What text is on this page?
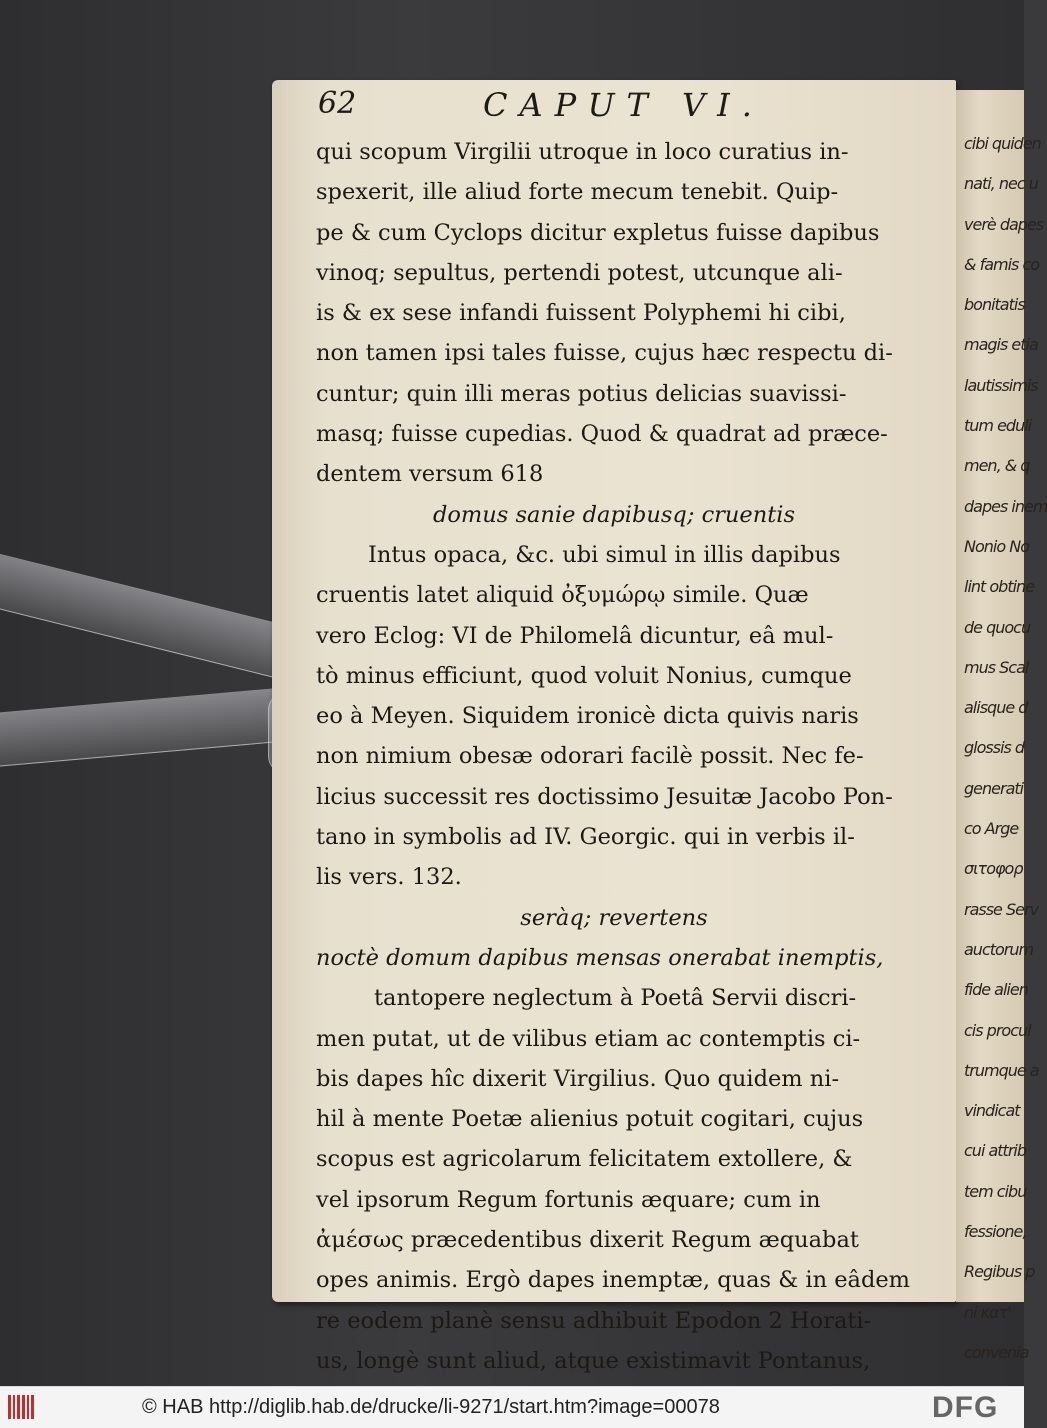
62	CAPUT VI.
qui scopum Virgilii utroque in loco curatius in-
spexerit, ille aliud forte mecum tenebit. Quip-
pe & cum Cyclops dicitur expletus fuisse dapibus
vinoq; sepultus, pertendi potest, utcunque ali-
is & ex sese infandi fuissent Polyphemi hi cibi,
non tamen ipsi tales fuisse, cujus hæc respectu di-
cuntur; quin illi meras potius delicias suavissi-
masq; fuisse cupedias. Quod & quadrat ad præce-
dentem versum 618
domus sanie dapibusq; cruentis
Intus opaca, &c. ubi simul in illis dapibus
cruentis latet aliquid ὀξυμώρῳ simile. Quæ
vero Eclog: VI de Philomelâ dicuntur, eâ mul-
tò minus efficiunt, quod voluit Nonius, cumque
eo à Meyen. Siquidem ironicè dicta quivis naris
non nimium obesæ odorari facilè possit. Nec fe-
licius successit res doctissimo Jesuitæ Jacobo Pon-
tano in symbolis ad IV. Georgic. qui in verbis il-
lis vers. 132.
seràq; revertens
noctè domum dapibus mensas onerabat inemptis,
tantopere neglectum à Poetâ Servii discri-
men putat, ut de vilibus etiam ac contemptis ci-
bis dapes hîc dixerit Virgilius. Quo quidem ni-
hil à mente Poetæ alienius potuit cogitari, cujus
scopus est agricolarum felicitatem extollere, &
vel ipsorum Regum fortunis æquare; cum in
ἀμέσως præcedentibus dixerit Regum æquabat
opes animis. Ergò dapes inemptæ, quas & in eâdem
re eodem planè sensu adhibuit Epodon 2 Horati-
us, longè sunt aliud, atque existimavit Pontanus,
cibi quiden
nati, nec u
verè dapes
& famis co
bonitatis
magis etia
lautissimis
tum eduli
men, & q
dapes inem
Nonio No
lint obtine
de quocu
mus Scal
alisque d
glossis d
generati
co Arge
σιτοφορ
rasse Serv
auctorum
fide alien
cis procul
trumque a
vindicat
cui attrib
tem cibu
fessione,
Regibus p
ni κατ'
convenia
© HAB http://diglib.hab.de/drucke/li-9271/start.htm?image=00078	DFG
